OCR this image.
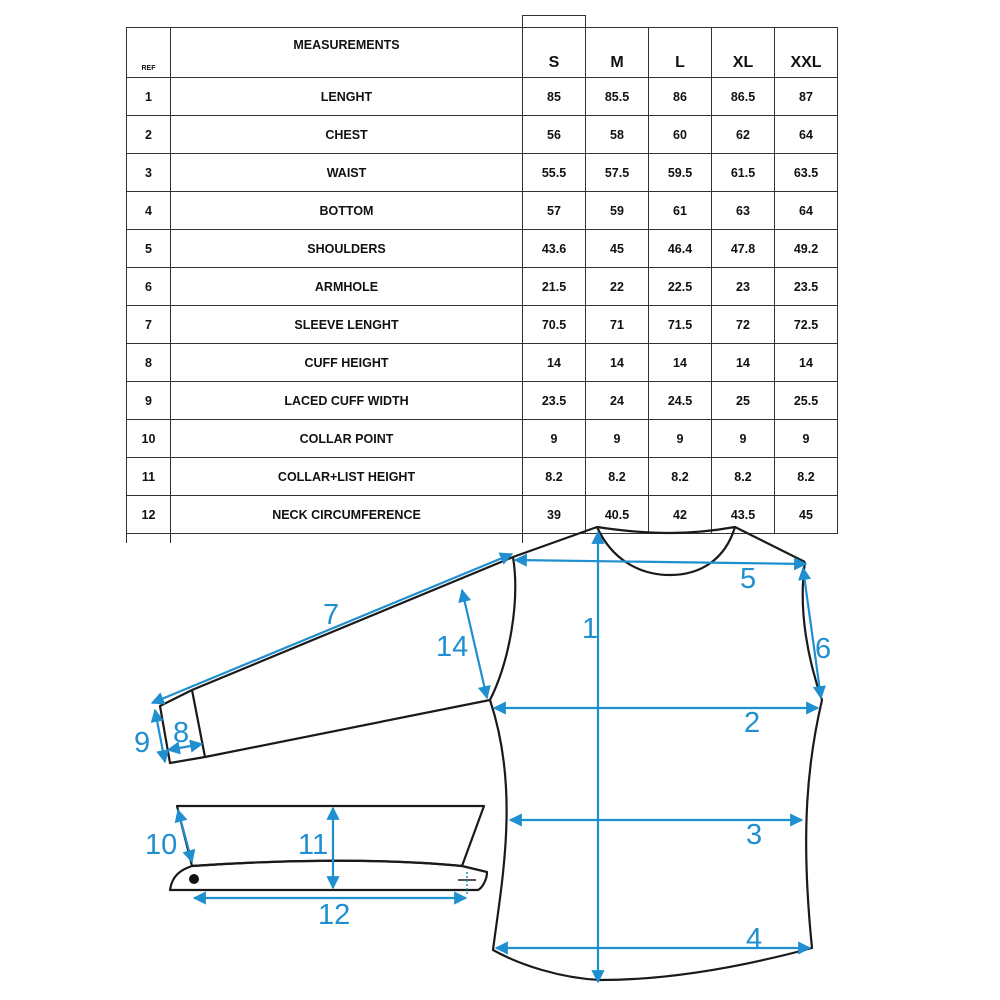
REF	MEASUREMENTS	S	M	L	XL	XXL
1	LENGHT	85	85.5	86	86.5	87
2	CHEST	56	58	60	62	64
3	WAIST	55.5	57.5	59.5	61.5	63.5
4	BOTTOM	57	59	61	63	64
5	SHOULDERS	43.6	45	46.4	47.8	49.2
6	ARMHOLE	21.5	22	22.5	23	23.5
7	SLEEVE LENGHT	70.5	71	71.5	72	72.5
8	CUFF HEIGHT	14	14	14	14	14
9	LACED CUFF WIDTH	23.5	24	24.5	25	25.5
10	COLLAR POINT	9	9	9	9	9
11	COLLAR+LIST HEIGHT	8.2	8.2	8.2	8.2	8.2
12	NECK CIRCUMFERENCE	39	40.5	42	43.5	45

1
2
3
4
5
6
7
8
9
10	11
12
14
